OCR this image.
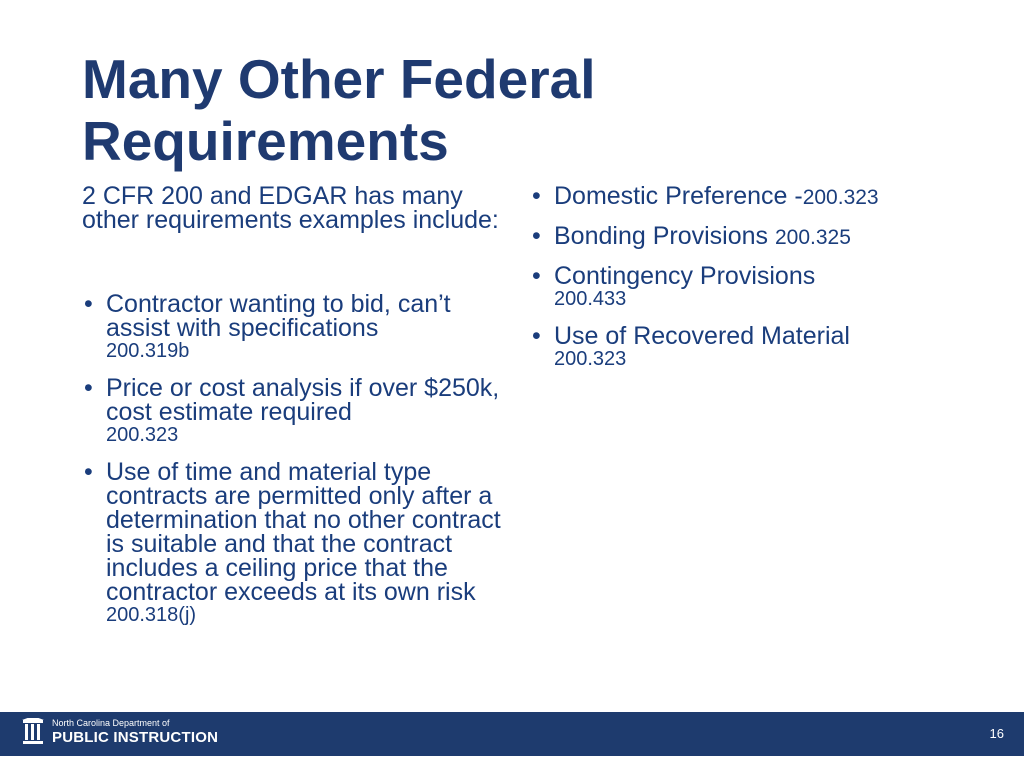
Many Other Federal Requirements

2 CFR 200 and EDGAR has many other requirements examples include:

• Contractor wanting to bid, can’t assist with specifications
200.319b
• Price or cost analysis if over $250k, cost estimate required
200.323
• Use of time and material type contracts are permitted only after a determination that no other contract is suitable and that the contract includes a ceiling price that the contractor exceeds at its own risk
200.318(j)
• Domestic Preference -200.323
• Bonding Provisions 200.325
• Contingency Provisions
200.433
• Use of Recovered Material
200.323
North Carolina Department of
PUBLIC INSTRUCTION	16
